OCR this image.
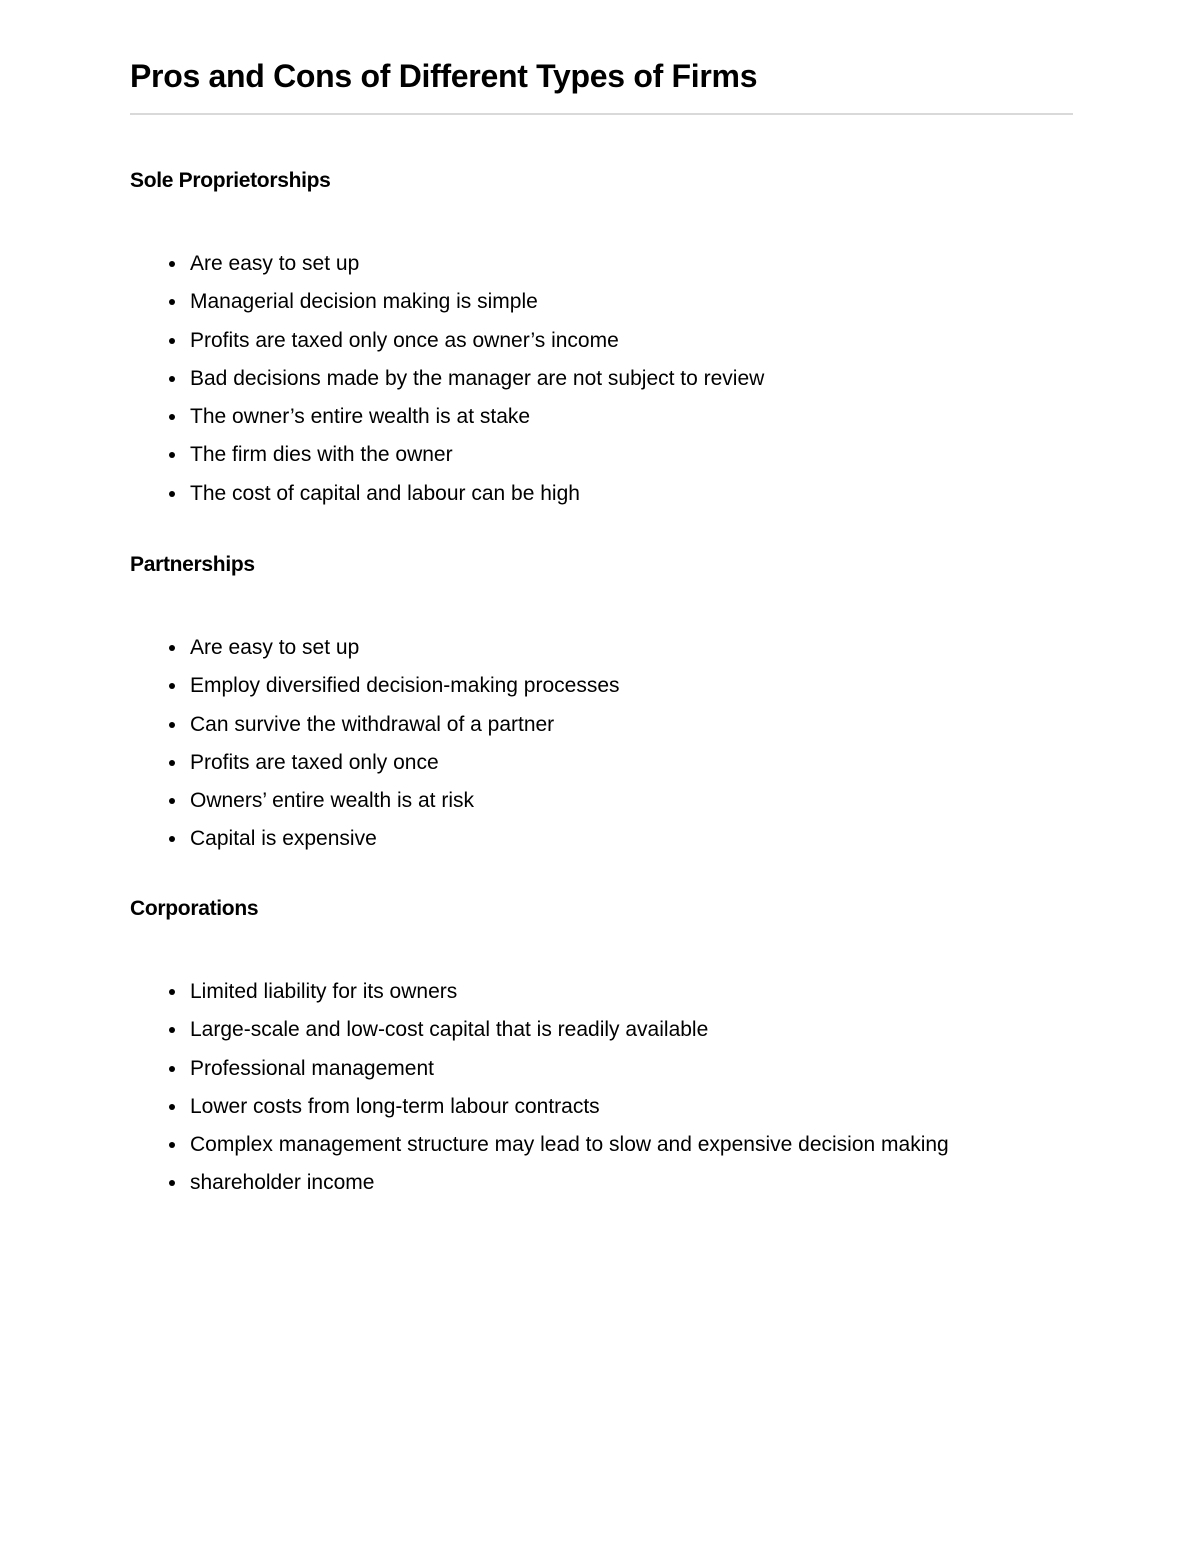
Pros and Cons of Different Types of Firms
Sole Proprietorships
Are easy to set up
Managerial decision making is simple
Profits are taxed only once as owner’s income
Bad decisions made by the manager are not subject to review
The owner’s entire wealth is at stake
The firm dies with the owner
The cost of capital and labour can be high
Partnerships
Are easy to set up
Employ diversified decision-making processes
Can survive the withdrawal of a partner
Profits are taxed only once
Owners’ entire wealth is at risk
Capital is expensive
Corporations
Limited liability for its owners
Large-scale and low-cost capital that is readily available
Professional management
Lower costs from long-term labour contracts
Complex management structure may lead to slow and expensive decision making
shareholder income
